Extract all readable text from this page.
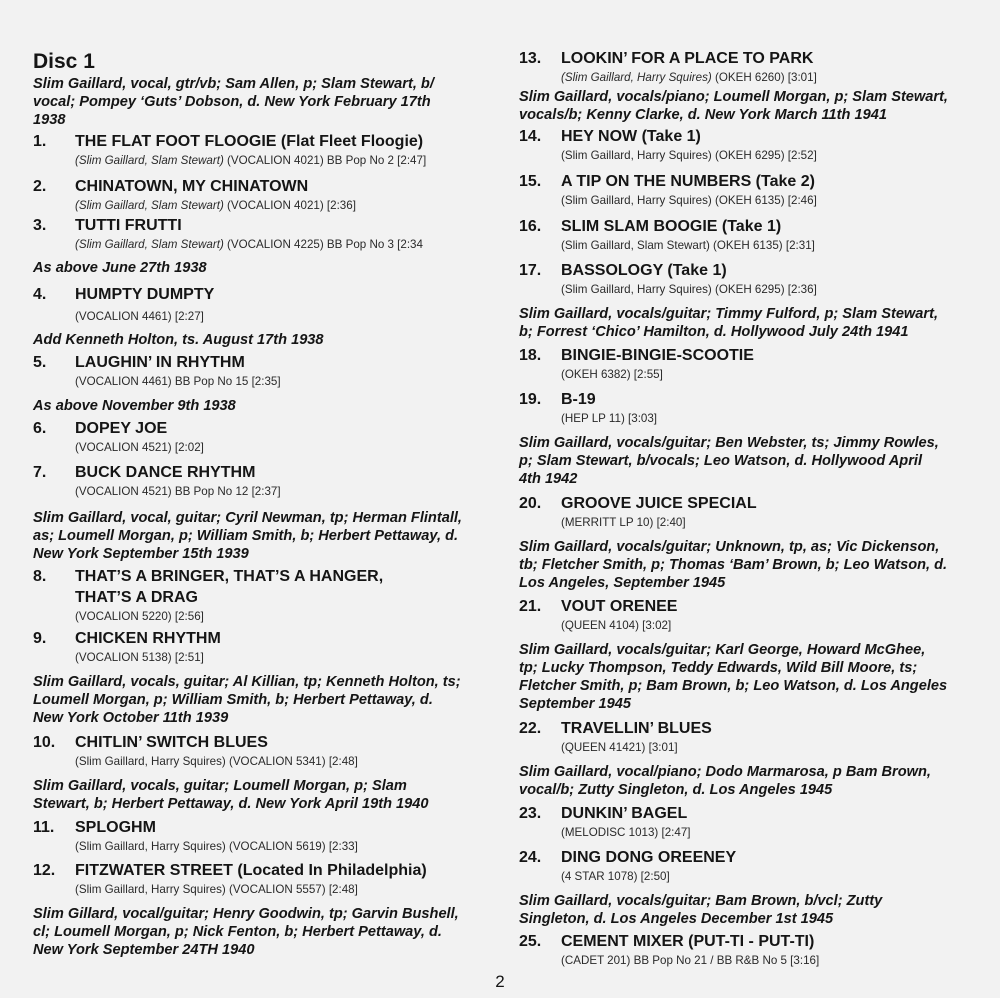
Disc 1
Slim Gaillard, vocal, gtr/vb; Sam Allen, p; Slam Stewart, b/
vocal; Pompey ‘Guts’ Dobson, d. New York February 17th
1938
1.	THE FLAT FOOT FLOOGIE (Flat Fleet Floogie)
(Slim Gaillard, Slam Stewart) (VOCALION 4021) BB Pop No 2 [2:47]
2.	CHINATOWN, MY CHINATOWN
(Slim Gaillard, Slam Stewart) (VOCALION 4021) [2:36]
3.	TUTTI FRUTTI
(Slim Gaillard, Slam Stewart) (VOCALION 4225) BB Pop No 3 [2:34
As above June 27th 1938
4.	HUMPTY DUMPTY
(VOCALION 4461) [2:27]
Add Kenneth Holton, ts. August 17th 1938
5.	LAUGHIN’ IN RHYTHM
(VOCALION 4461) BB Pop No 15 [2:35]
As above November 9th 1938
6.	DOPEY JOE
(VOCALION 4521) [2:02]
7.	BUCK DANCE RHYTHM
(VOCALION 4521) BB Pop No 12 [2:37]
Slim Gaillard, vocal, guitar; Cyril Newman, tp; Herman Flintall,
as; Loumell Morgan, p; William Smith, b; Herbert Pettaway, d.
New York September 15th 1939
8.	THAT’S A BRINGER, THAT’S A HANGER,
THAT’S A DRAG
(VOCALION 5220) [2:56]
9.	CHICKEN RHYTHM
(VOCALION 5138) [2:51]
Slim Gaillard, vocals, guitar; Al Killian, tp; Kenneth Holton, ts;
Loumell Morgan, p; William Smith, b; Herbert Pettaway, d.
New York October 11th 1939
10.	CHITLIN’ SWITCH BLUES
(Slim Gaillard, Harry Squires) (VOCALION 5341) [2:48]
Slim Gaillard, vocals, guitar; Loumell Morgan, p; Slam
Stewart, b; Herbert Pettaway, d. New York April 19th 1940
11.	SPLOGHM
(Slim Gaillard, Harry Squires) (VOCALION 5619) [2:33]
12.	FITZWATER STREET (Located In Philadelphia)
(Slim Gaillard, Harry Squires) (VOCALION 5557) [2:48]
Slim Gillard, vocal/guitar; Henry Goodwin, tp; Garvin Bushell,
cl; Loumell Morgan, p; Nick Fenton, b; Herbert Pettaway, d.
New York September 24TH 1940
13.	LOOKIN’ FOR A PLACE TO PARK
(Slim Gaillard, Harry Squires) (OKEH 6260) [3:01]
Slim Gaillard, vocals/piano; Loumell Morgan, p; Slam Stewart,
vocals/b; Kenny Clarke, d. New York March 11th 1941
14.	HEY NOW (Take 1)
(Slim Gaillard, Harry Squires) (OKEH 6295) [2:52]
15.	A TIP ON THE NUMBERS (Take 2)
(Slim Gaillard, Harry Squires) (OKEH 6135) [2:46]
16.	SLIM SLAM BOOGIE (Take 1)
(Slim Gaillard, Slam Stewart) (OKEH 6135) [2:31]
17.	BASSOLOGY (Take 1)
(Slim Gaillard, Harry Squires) (OKEH 6295) [2:36]
Slim Gaillard, vocals/guitar; Timmy Fulford, p; Slam Stewart,
b; Forrest ‘Chico’ Hamilton, d. Hollywood July 24th 1941
18.	BINGIE-BINGIE-SCOOTIE
(OKEH 6382) [2:55]
19.	B-19
(HEP LP 11) [3:03]
Slim Gaillard, vocals/guitar; Ben Webster, ts; Jimmy Rowles,
p; Slam Stewart, b/vocals; Leo Watson, d. Hollywood April
4th 1942
20.	GROOVE JUICE SPECIAL
(MERRITT LP 10) [2:40]
Slim Gaillard, vocals/guitar; Unknown, tp, as; Vic Dickenson,
tb; Fletcher Smith, p; Thomas ‘Bam’ Brown, b; Leo Watson, d.
Los Angeles, September 1945
21.	VOUT ORENEE
(QUEEN 4104) [3:02]
Slim Gaillard, vocals/guitar; Karl George, Howard McGhee,
tp; Lucky Thompson, Teddy Edwards, Wild Bill Moore, ts;
Fletcher Smith, p; Bam Brown, b; Leo Watson, d. Los Angeles
September 1945
22.	TRAVELLIN’ BLUES
(QUEEN 41421) [3:01]
Slim Gaillard, vocal/piano; Dodo Marmarosa, p Bam Brown,
vocal/b; Zutty Singleton, d. Los Angeles 1945
23.	DUNKIN’ BAGEL
(MELODISC 1013) [2:47]
24.	DING DONG OREENEY
(4 STAR 1078) [2:50]
Slim Gaillard, vocals/guitar; Bam Brown, b/vcl; Zutty
Singleton, d. Los Angeles December 1st 1945
25.	CEMENT MIXER (PUT-TI - PUT-TI)
(CADET 201) BB Pop No 21 / BB R&B No 5 [3:16]
2
